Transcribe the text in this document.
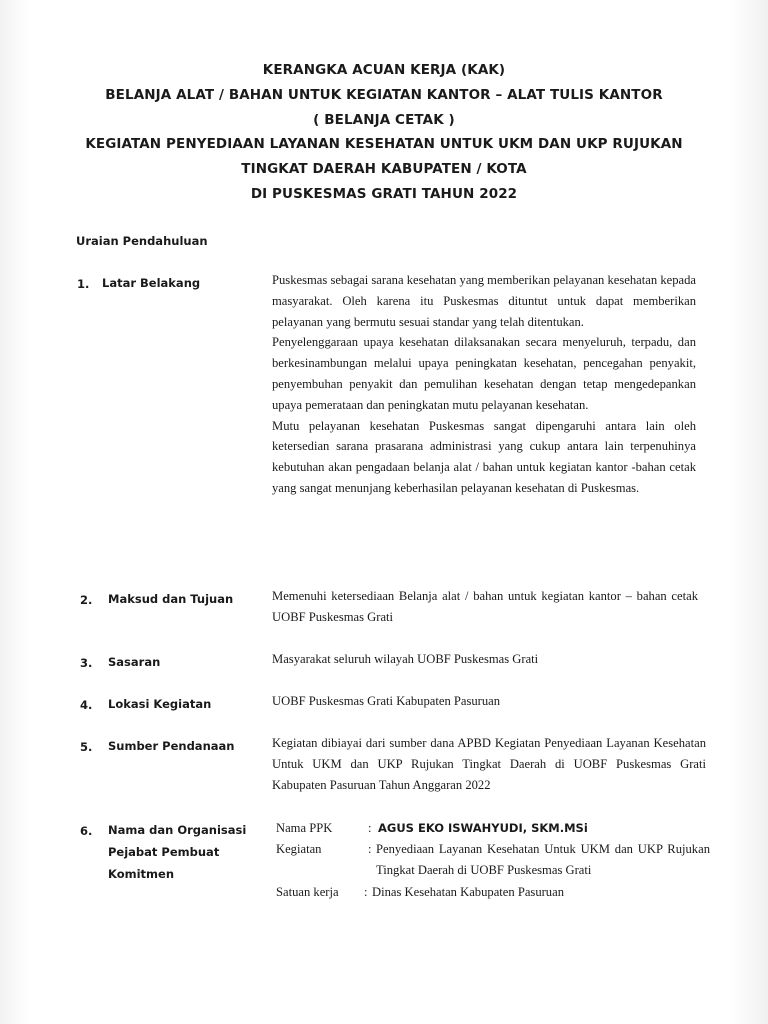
KERANGKA ACUAN KERJA (KAK)
BELANJA ALAT / BAHAN UNTUK KEGIATAN KANTOR – ALAT TULIS KANTOR
( BELANJA CETAK )
KEGIATAN PENYEDIAAN LAYANAN KESEHATAN UNTUK UKM DAN UKP RUJUKAN
TINGKAT DAERAH KABUPATEN / KOTA
DI PUSKESMAS GRATI TAHUN 2022
Uraian Pendahuluan
1.	Latar Belakang	Puskesmas sebagai sarana kesehatan yang memberikan pelayanan kesehatan kepada masyarakat. Oleh karena itu Puskesmas dituntut untuk dapat memberikan pelayanan yang bermutu sesuai standar yang telah ditentukan.

Penyelenggaraan upaya kesehatan dilaksanakan secara menyeluruh, terpadu, dan berkesinambungan melalui upaya peningkatan kesehatan, pencegahan penyakit, penyembuhan penyakit dan pemulihan kesehatan dengan tetap mengedepankan upaya pemerataan dan peningkatan mutu pelayanan kesehatan.

Mutu pelayanan kesehatan Puskesmas sangat dipengaruhi antara lain oleh ketersedian sarana prasarana administrasi yang cukup antara lain terpenuhinya kebutuhan akan pengadaan belanja alat / bahan untuk kegiatan kantor -bahan cetak yang sangat menunjang keberhasilan pelayanan kesehatan di Puskesmas.

2.	Maksud dan Tujuan	Memenuhi ketersediaan Belanja alat / bahan untuk kegiatan kantor – bahan cetak UOBF Puskesmas Grati
3.	Sasaran	Masyarakat seluruh wilayah UOBF Puskesmas Grati
4.	Lokasi Kegiatan	UOBF Puskesmas Grati Kabupaten Pasuruan
5.	Sumber Pendanaan	Kegiatan dibiayai dari sumber dana APBD Kegiatan Penyediaan Layanan Kesehatan Untuk UKM dan UKP Rujukan Tingkat Daerah di UOBF Puskesmas Grati Kabupaten Pasuruan Tahun Anggaran 2022
6.	Nama dan Organisasi
Pejabat Pembuat
Komitmen
Nama PPK	: AGUS EKO ISWAHYUDI, SKM.MSi
Kegiatan	: Penyediaan Layanan Kesehatan Untuk UKM dan UKP Rujukan Tingkat Daerah di UOBF Puskesmas Grati
Satuan kerja	: Dinas Kesehatan Kabupaten Pasuruan
